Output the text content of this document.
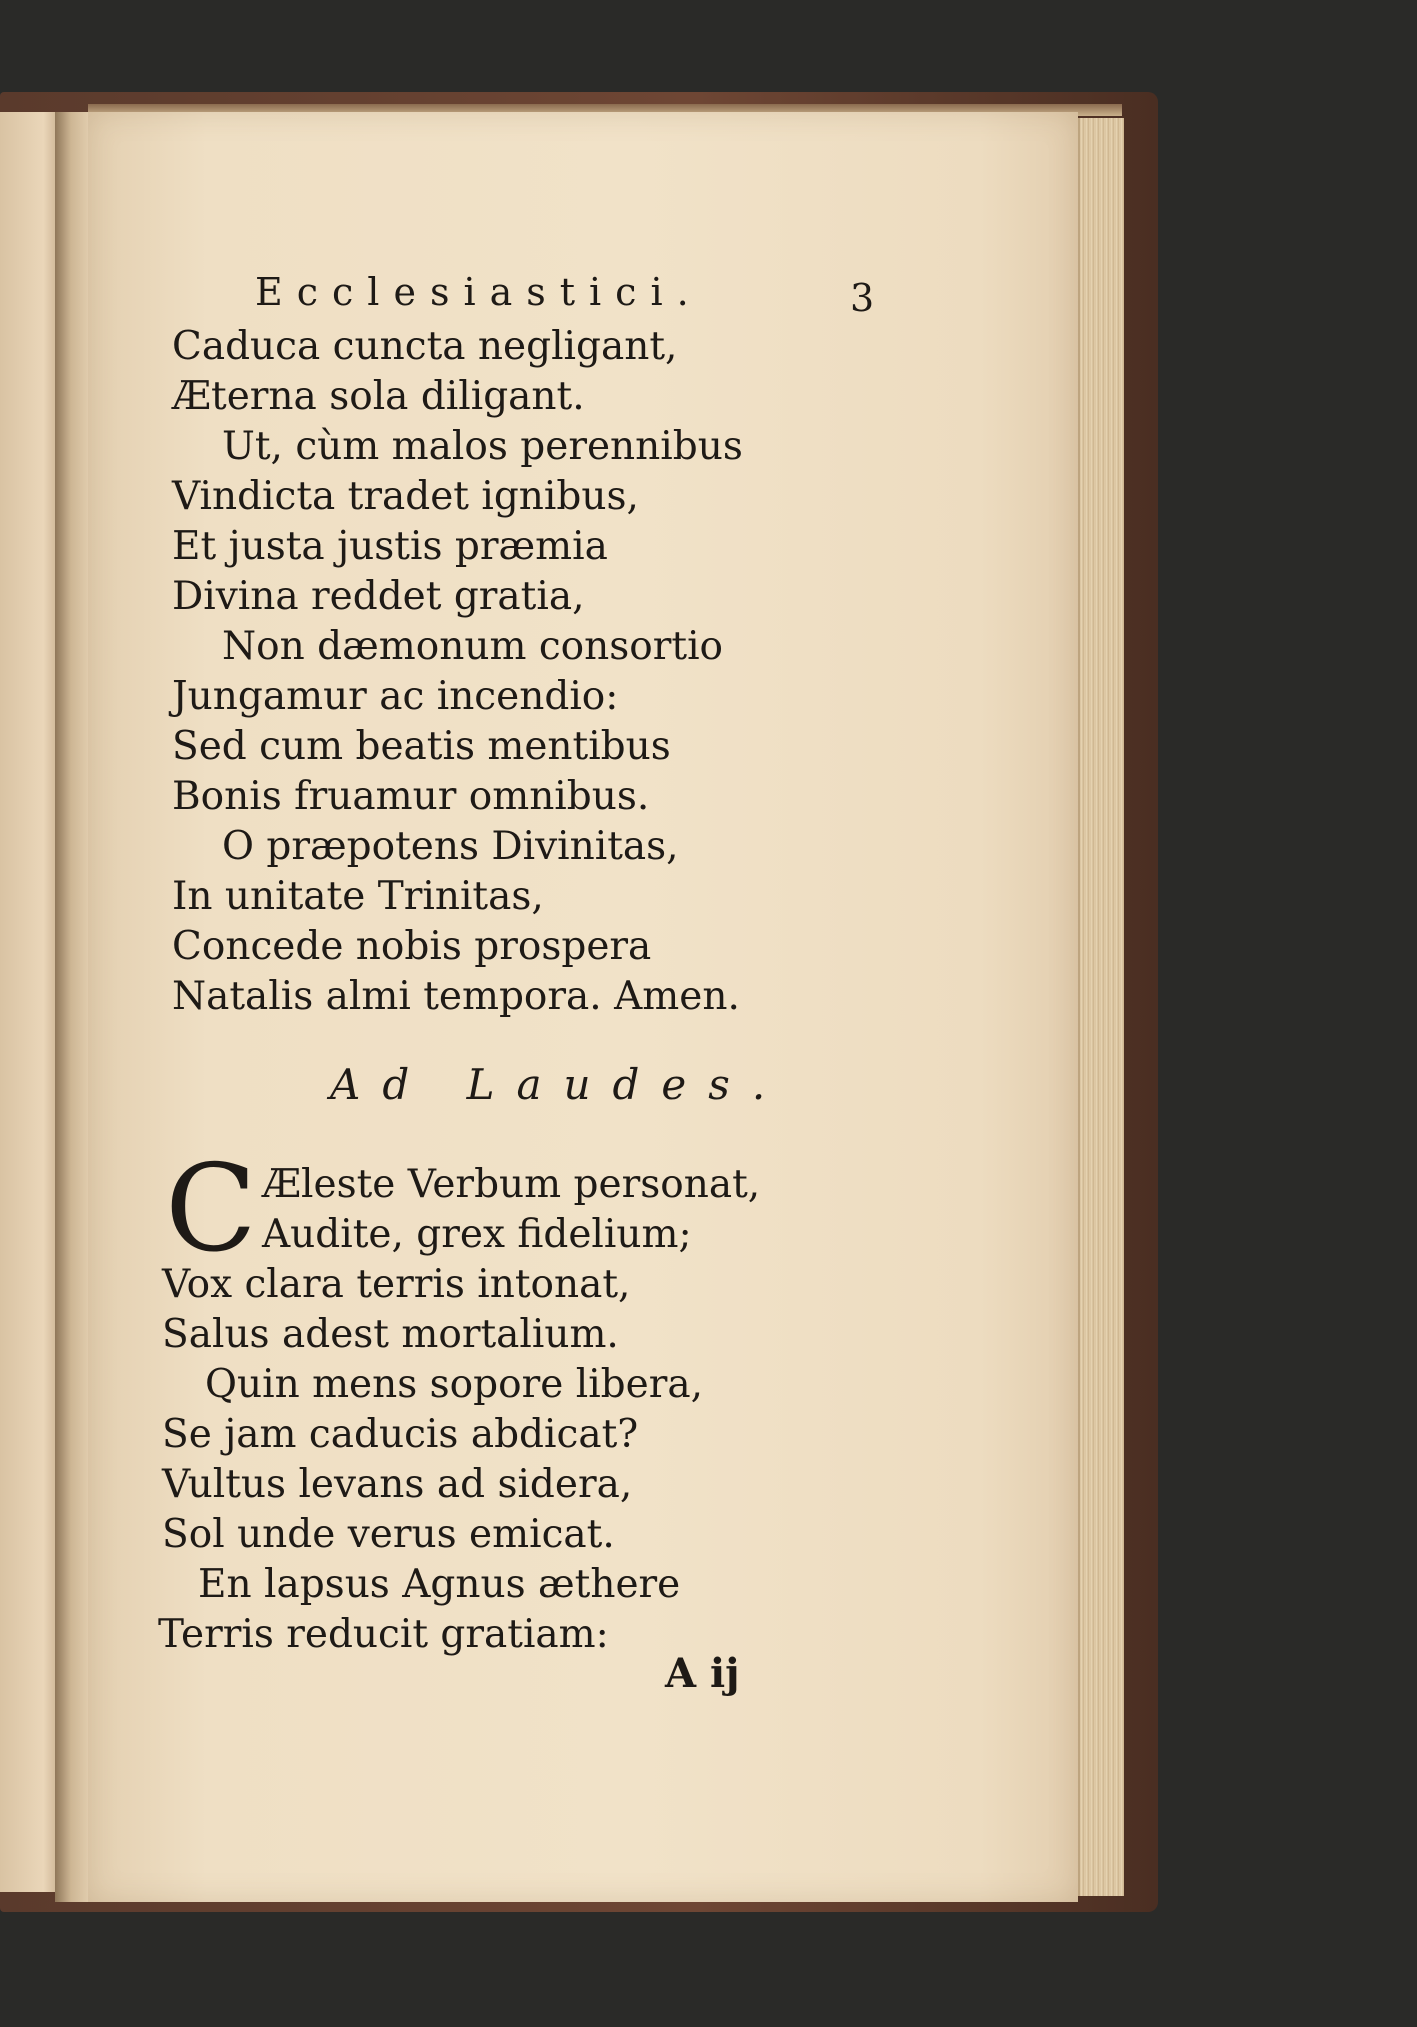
Ecclesiastici.	3
Caduca cuncta negligant,
Æterna sola diligant.
Ut, cùm malos perennibus
Vindicta tradet ignibus,
Et justa justis præmia
Divina reddet gratia,
Non dæmonum consortio
Jungamur ac incendio:
Sed cum beatis mentibus
Bonis fruamur omnibus.
O præpotens Divinitas,
In unitate Trinitas,
Concede nobis prospera
Natalis almi tempora. Amen.
Ad Laudes.
C Æleste Verbum personat,
Audite, grex fidelium;
Vox clara terris intonat,
Salus adest mortalium.
Quin mens sopore libera,
Se jam caducis abdicat?
Vultus levans ad sidera,
Sol unde verus emicat.
En lapsus Agnus æthere
Terris reducit gratiam:
A ij
